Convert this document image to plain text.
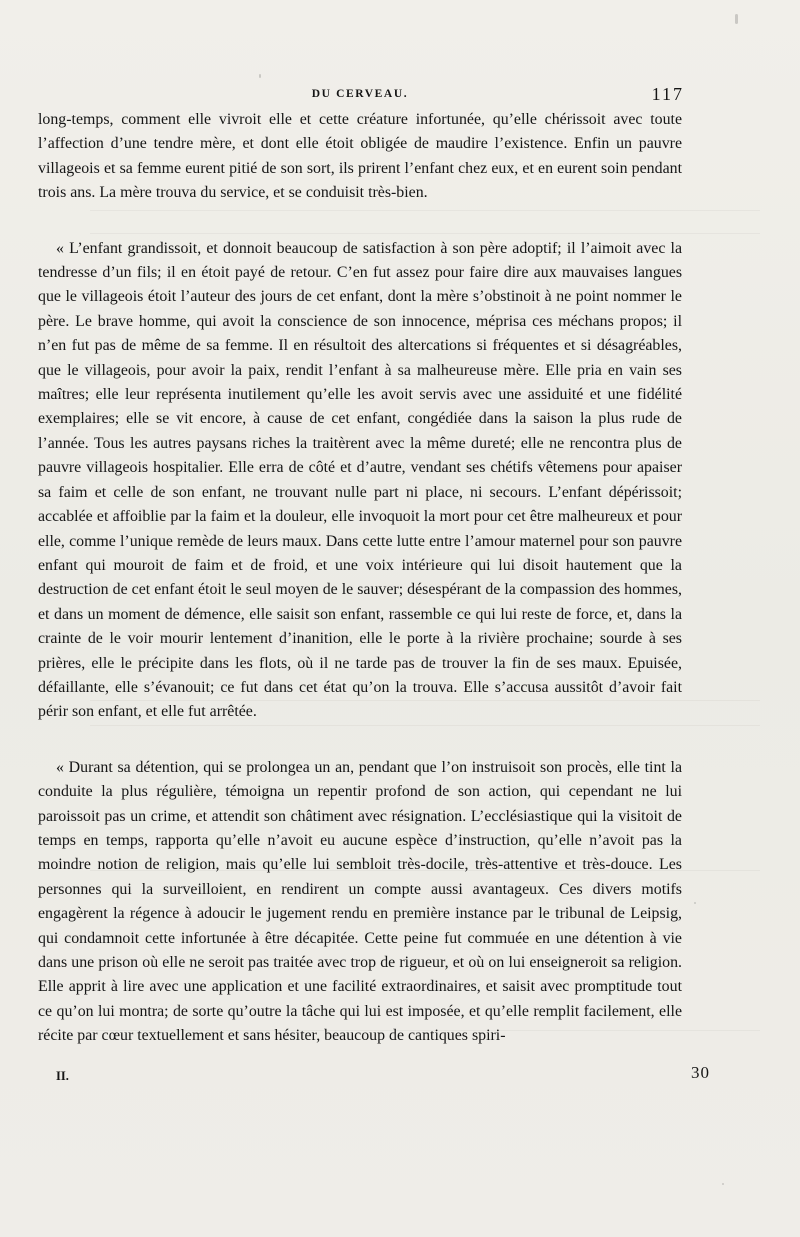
DU CERVEAU.	117

long-temps, comment elle vivroit elle et cette créature infortunée, qu’elle chérissoit avec toute l’affection d’une tendre mère, et dont elle étoit obligée de maudire l’existence. Enfin un pauvre villageois et sa femme eurent pitié de son sort, ils prirent l’enfant chez eux, et en eurent soin pendant trois ans. La mère trouva du service, et se conduisit très-bien.

« L’enfant grandissoit, et donnoit beaucoup de satisfaction à son père adoptif; il l’aimoit avec la tendresse d’un fils; il en étoit payé de retour. C’en fut assez pour faire dire aux mauvaises langues que le villageois étoit l’auteur des jours de cet enfant, dont la mère s’obstinoit à ne point nommer le père. Le brave homme, qui avoit la conscience de son innocence, méprisa ces méchans propos; il n’en fut pas de même de sa femme. Il en résultoit des altercations si fréquentes et si désagréables, que le villageois, pour avoir la paix, rendit l’enfant à sa malheureuse mère. Elle pria en vain ses maîtres; elle leur représenta inutilement qu’elle les avoit servis avec une assiduité et une fidélité exemplaires; elle se vit encore, à cause de cet enfant, congédiée dans la saison la plus rude de l’année. Tous les autres paysans riches la traitèrent avec la même dureté; elle ne rencontra plus de pauvre villageois hospitalier. Elle erra de côté et d’autre, vendant ses chétifs vêtemens pour apaiser sa faim et celle de son enfant, ne trouvant nulle part ni place, ni secours. L’enfant dépérissoit; accablée et affoiblie par la faim et la douleur, elle invoquoit la mort pour cet être malheureux et pour elle, comme l’unique remède de leurs maux. Dans cette lutte entre l’amour maternel pour son pauvre enfant qui mouroit de faim et de froid, et une voix intérieure qui lui disoit hautement que la destruction de cet enfant étoit le seul moyen de le sauver; désespérant de la compassion des hommes, et dans un moment de démence, elle saisit son enfant, rassemble ce qui lui reste de force, et, dans la crainte de le voir mourir lentement d’inanition, elle le porte à la rivière prochaine; sourde à ses prières, elle le précipite dans les flots, où il ne tarde pas de trouver la fin de ses maux. Epuisée, défaillante, elle s’évanouit; ce fut dans cet état qu’on la trouva. Elle s’accusa aussitôt d’avoir fait périr son enfant, et elle fut arrêtée.

« Durant sa détention, qui se prolongea un an, pendant que l’on instruisoit son procès, elle tint la conduite la plus régulière, témoigna un repentir profond de son action, qui cependant ne lui paroissoit pas un crime, et attendit son châtiment avec résignation. L’ecclésiastique qui la visitoit de temps en temps, rapporta qu’elle n’avoit eu aucune espèce d’instruction, qu’elle n’avoit pas la moindre notion de religion, mais qu’elle lui sembloit très-docile, très-attentive et très-douce. Les personnes qui la surveilloient, en rendirent un compte aussi avantageux. Ces divers motifs engagèrent la régence à adoucir le jugement rendu en première instance par le tribunal de Leipsig, qui condamnoit cette infortunée à être décapitée. Cette peine fut commuée en une détention à vie dans une prison où elle ne seroit pas traitée avec trop de rigueur, et où on lui enseigneroit sa religion. Elle apprit à lire avec une application et une facilité extraordinaires, et saisit avec promptitude tout ce qu’on lui montra; de sorte qu’outre la tâche qui lui est imposée, et qu’elle remplit facilement, elle récite par cœur textuellement et sans hésiter, beaucoup de cantiques spiri-

II.	30
